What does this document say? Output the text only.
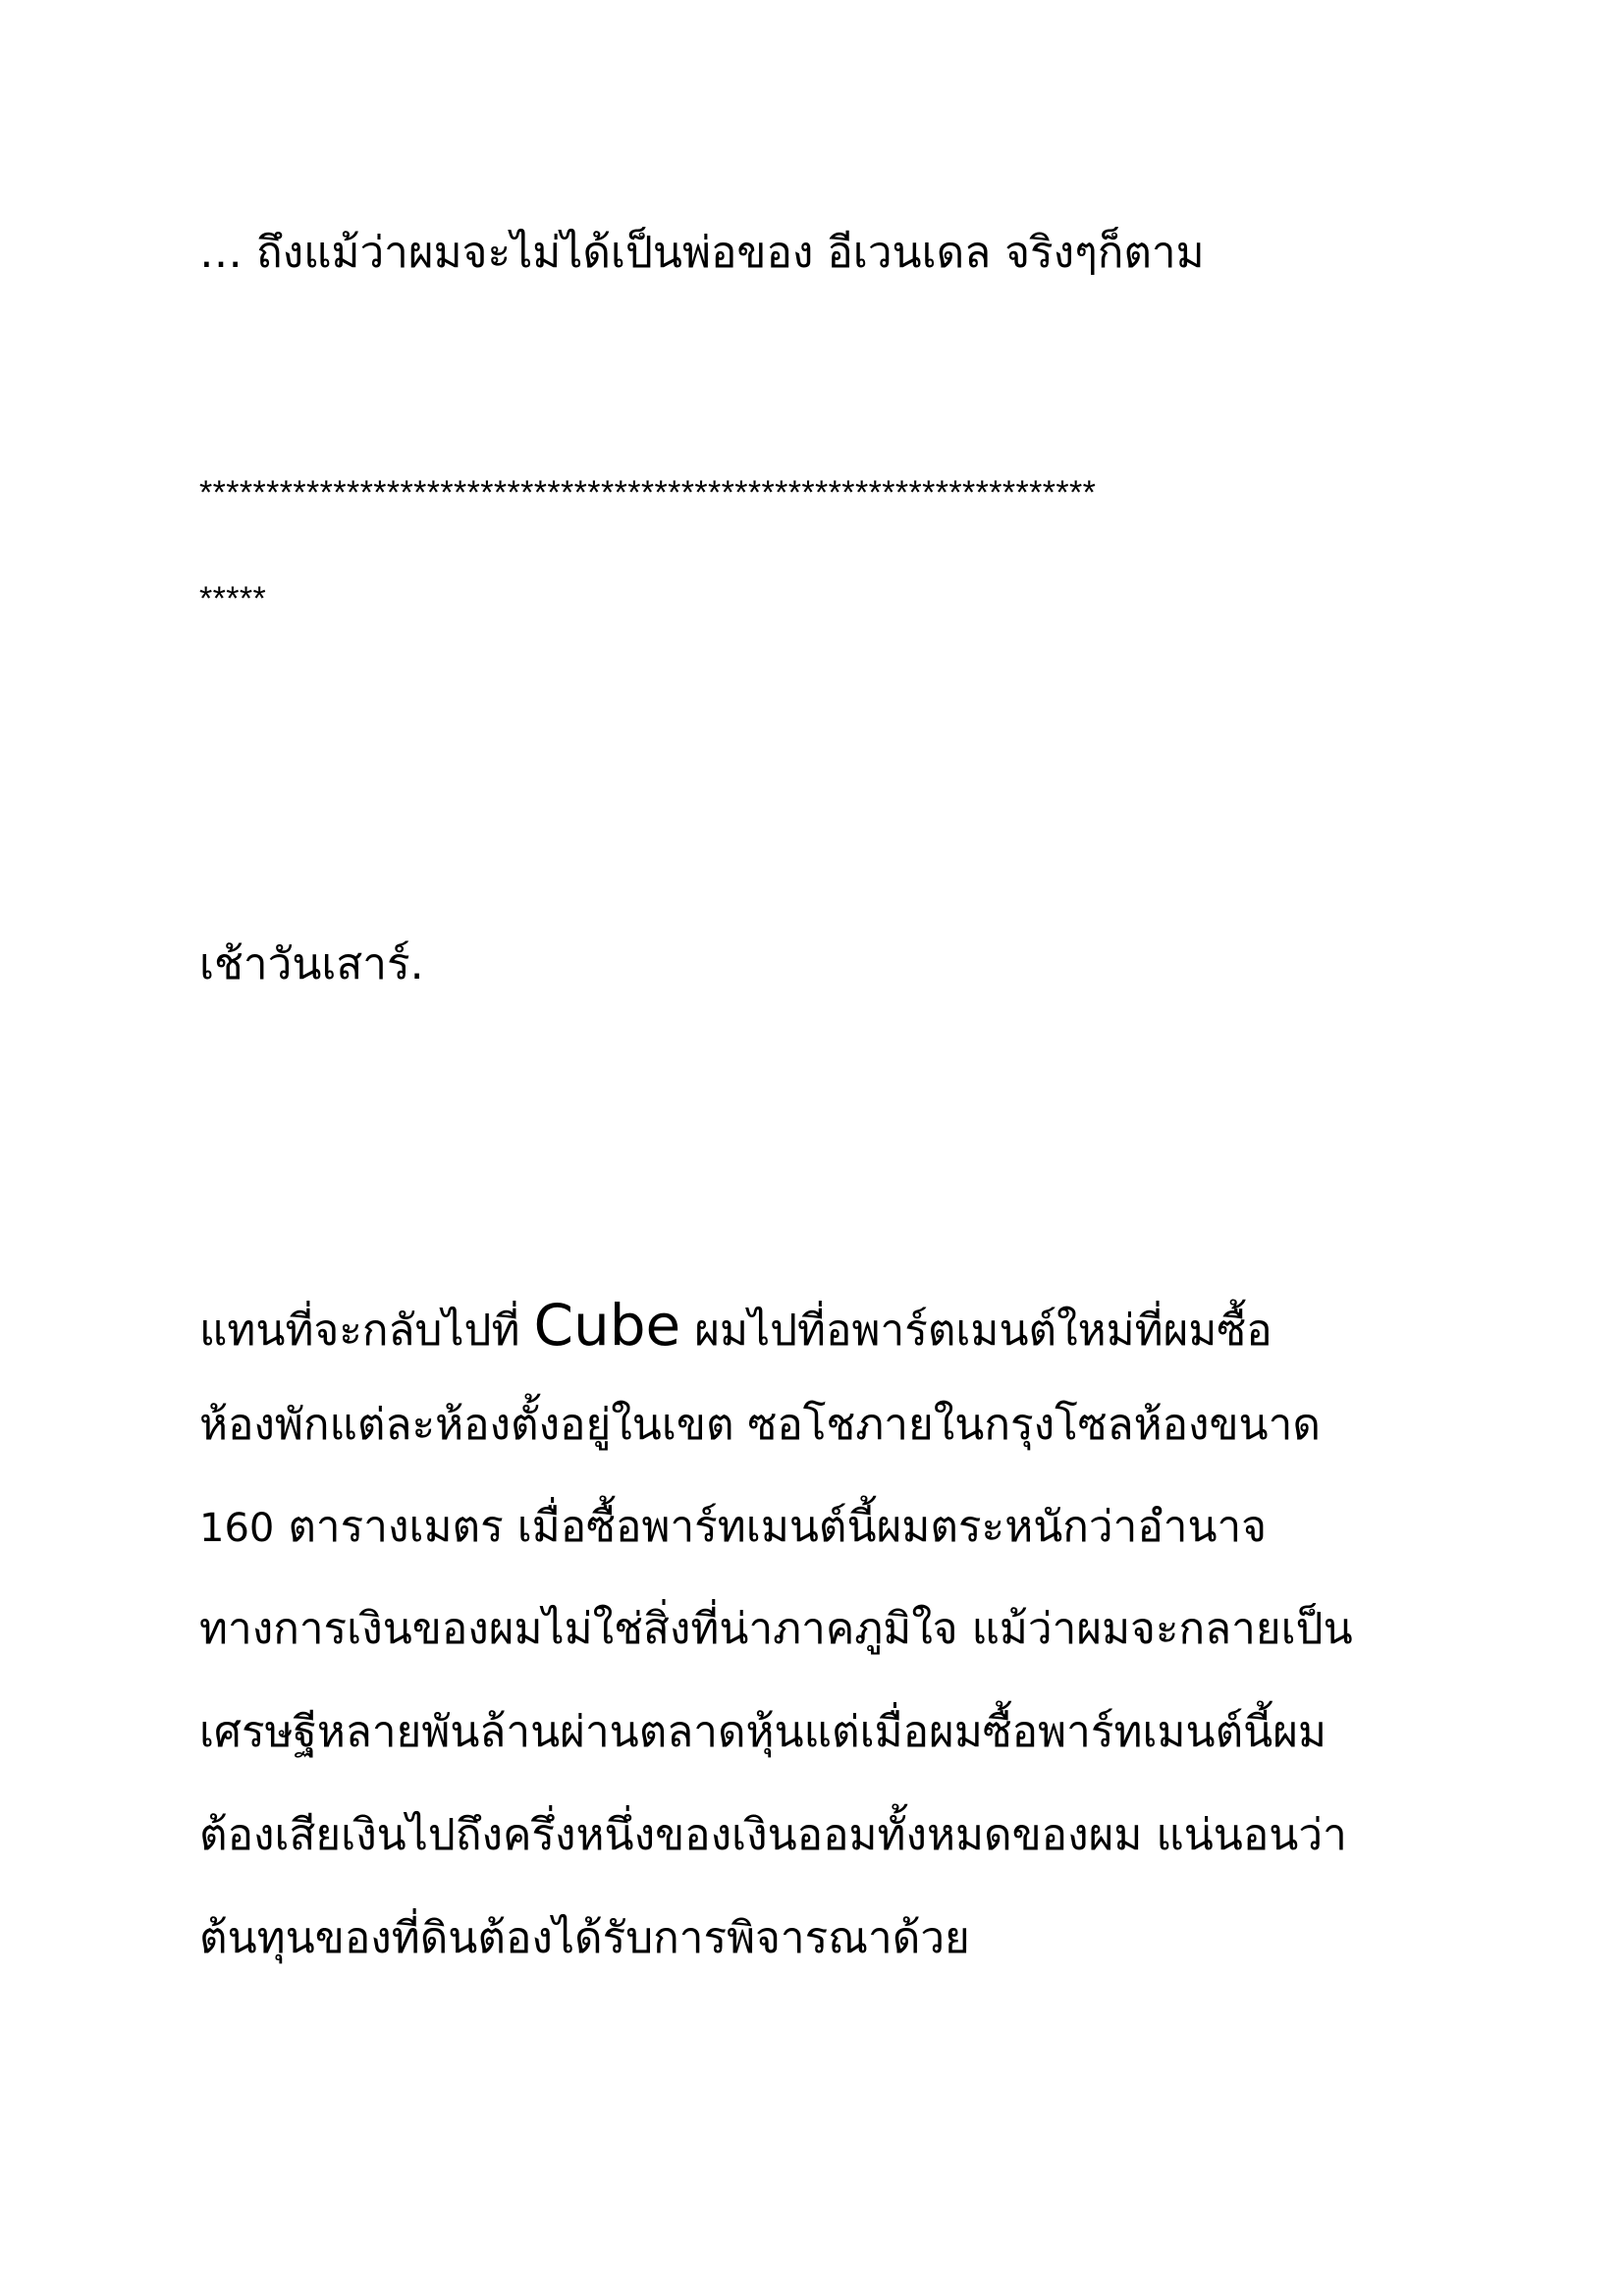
… ถึงแม้ว่าผมจะไม่ได้เป็นพ่อของ อีเวนเดล จริงๆก็ตาม

*******************************************************************

*****

เช้าวันเสาร์.

แทนที่จะกลับไปที่ Cube ผมไปที่อพาร์ตเมนต์ใหม่ที่ผมซื้อ

ห้องพักแต่ละห้องตั้งอยู่ในเขต ซอโชภายในกรุงโซลห้องขนาด

160 ตารางเมตร เมื่อซื้อพาร์ทเมนต์นี้ผมตระหนักว่าอำนาจ

ทางการเงินของผมไม่ใช่สิ่งที่น่าภาคภูมิใจ แม้ว่าผมจะกลายเป็น

เศรษฐีหลายพันล้านผ่านตลาดหุ้นแต่เมื่อผมซื้อพาร์ทเมนต์นี้ผม

ต้องเสียเงินไปถึงครึ่งหนึ่งของเงินออมทั้งหมดของผม แน่นอนว่า

ต้นทุนของที่ดินต้องได้รับการพิจารณาด้วย
